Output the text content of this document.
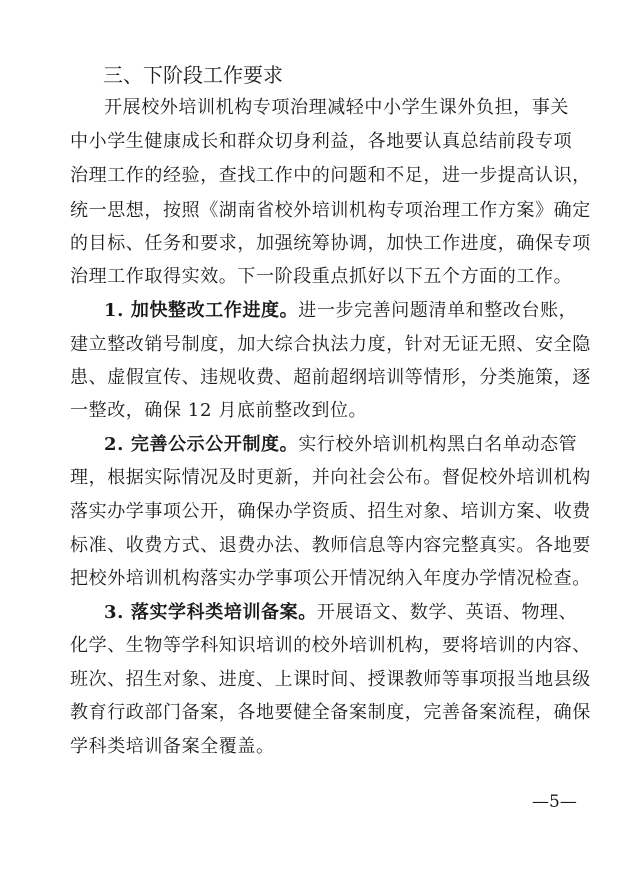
三、下阶段工作要求
开展校外培训机构专项治理减轻中小学生课外负担，事关
中小学生健康成长和群众切身利益，各地要认真总结前段专项
治理工作的经验，查找工作中的问题和不足，进一步提高认识，
统一思想，按照《湖南省校外培训机构专项治理工作方案》确定
的目标、任务和要求，加强统筹协调，加快工作进度，确保专项
治理工作取得实效。下一阶段重点抓好以下五个方面的工作。
1. 加快整改工作进度。进一步完善问题清单和整改台账，
建立整改销号制度，加大综合执法力度，针对无证无照、安全隐
患、虚假宣传、违规收费、超前超纲培训等情形，分类施策，逐
一整改，确保 12 月底前整改到位。
2. 完善公示公开制度。实行校外培训机构黑白名单动态管
理，根据实际情况及时更新，并向社会公布。督促校外培训机构
落实办学事项公开，确保办学资质、招生对象、培训方案、收费
标准、收费方式、退费办法、教师信息等内容完整真实。各地要
把校外培训机构落实办学事项公开情况纳入年度办学情况检查。
3. 落实学科类培训备案。开展语文、数学、英语、物理、
化学、生物等学科知识培训的校外培训机构，要将培训的内容、
班次、招生对象、进度、上课时间、授课教师等事项报当地县级
教育行政部门备案，各地要健全备案制度，完善备案流程，确保
学科类培训备案全覆盖。
—5—
